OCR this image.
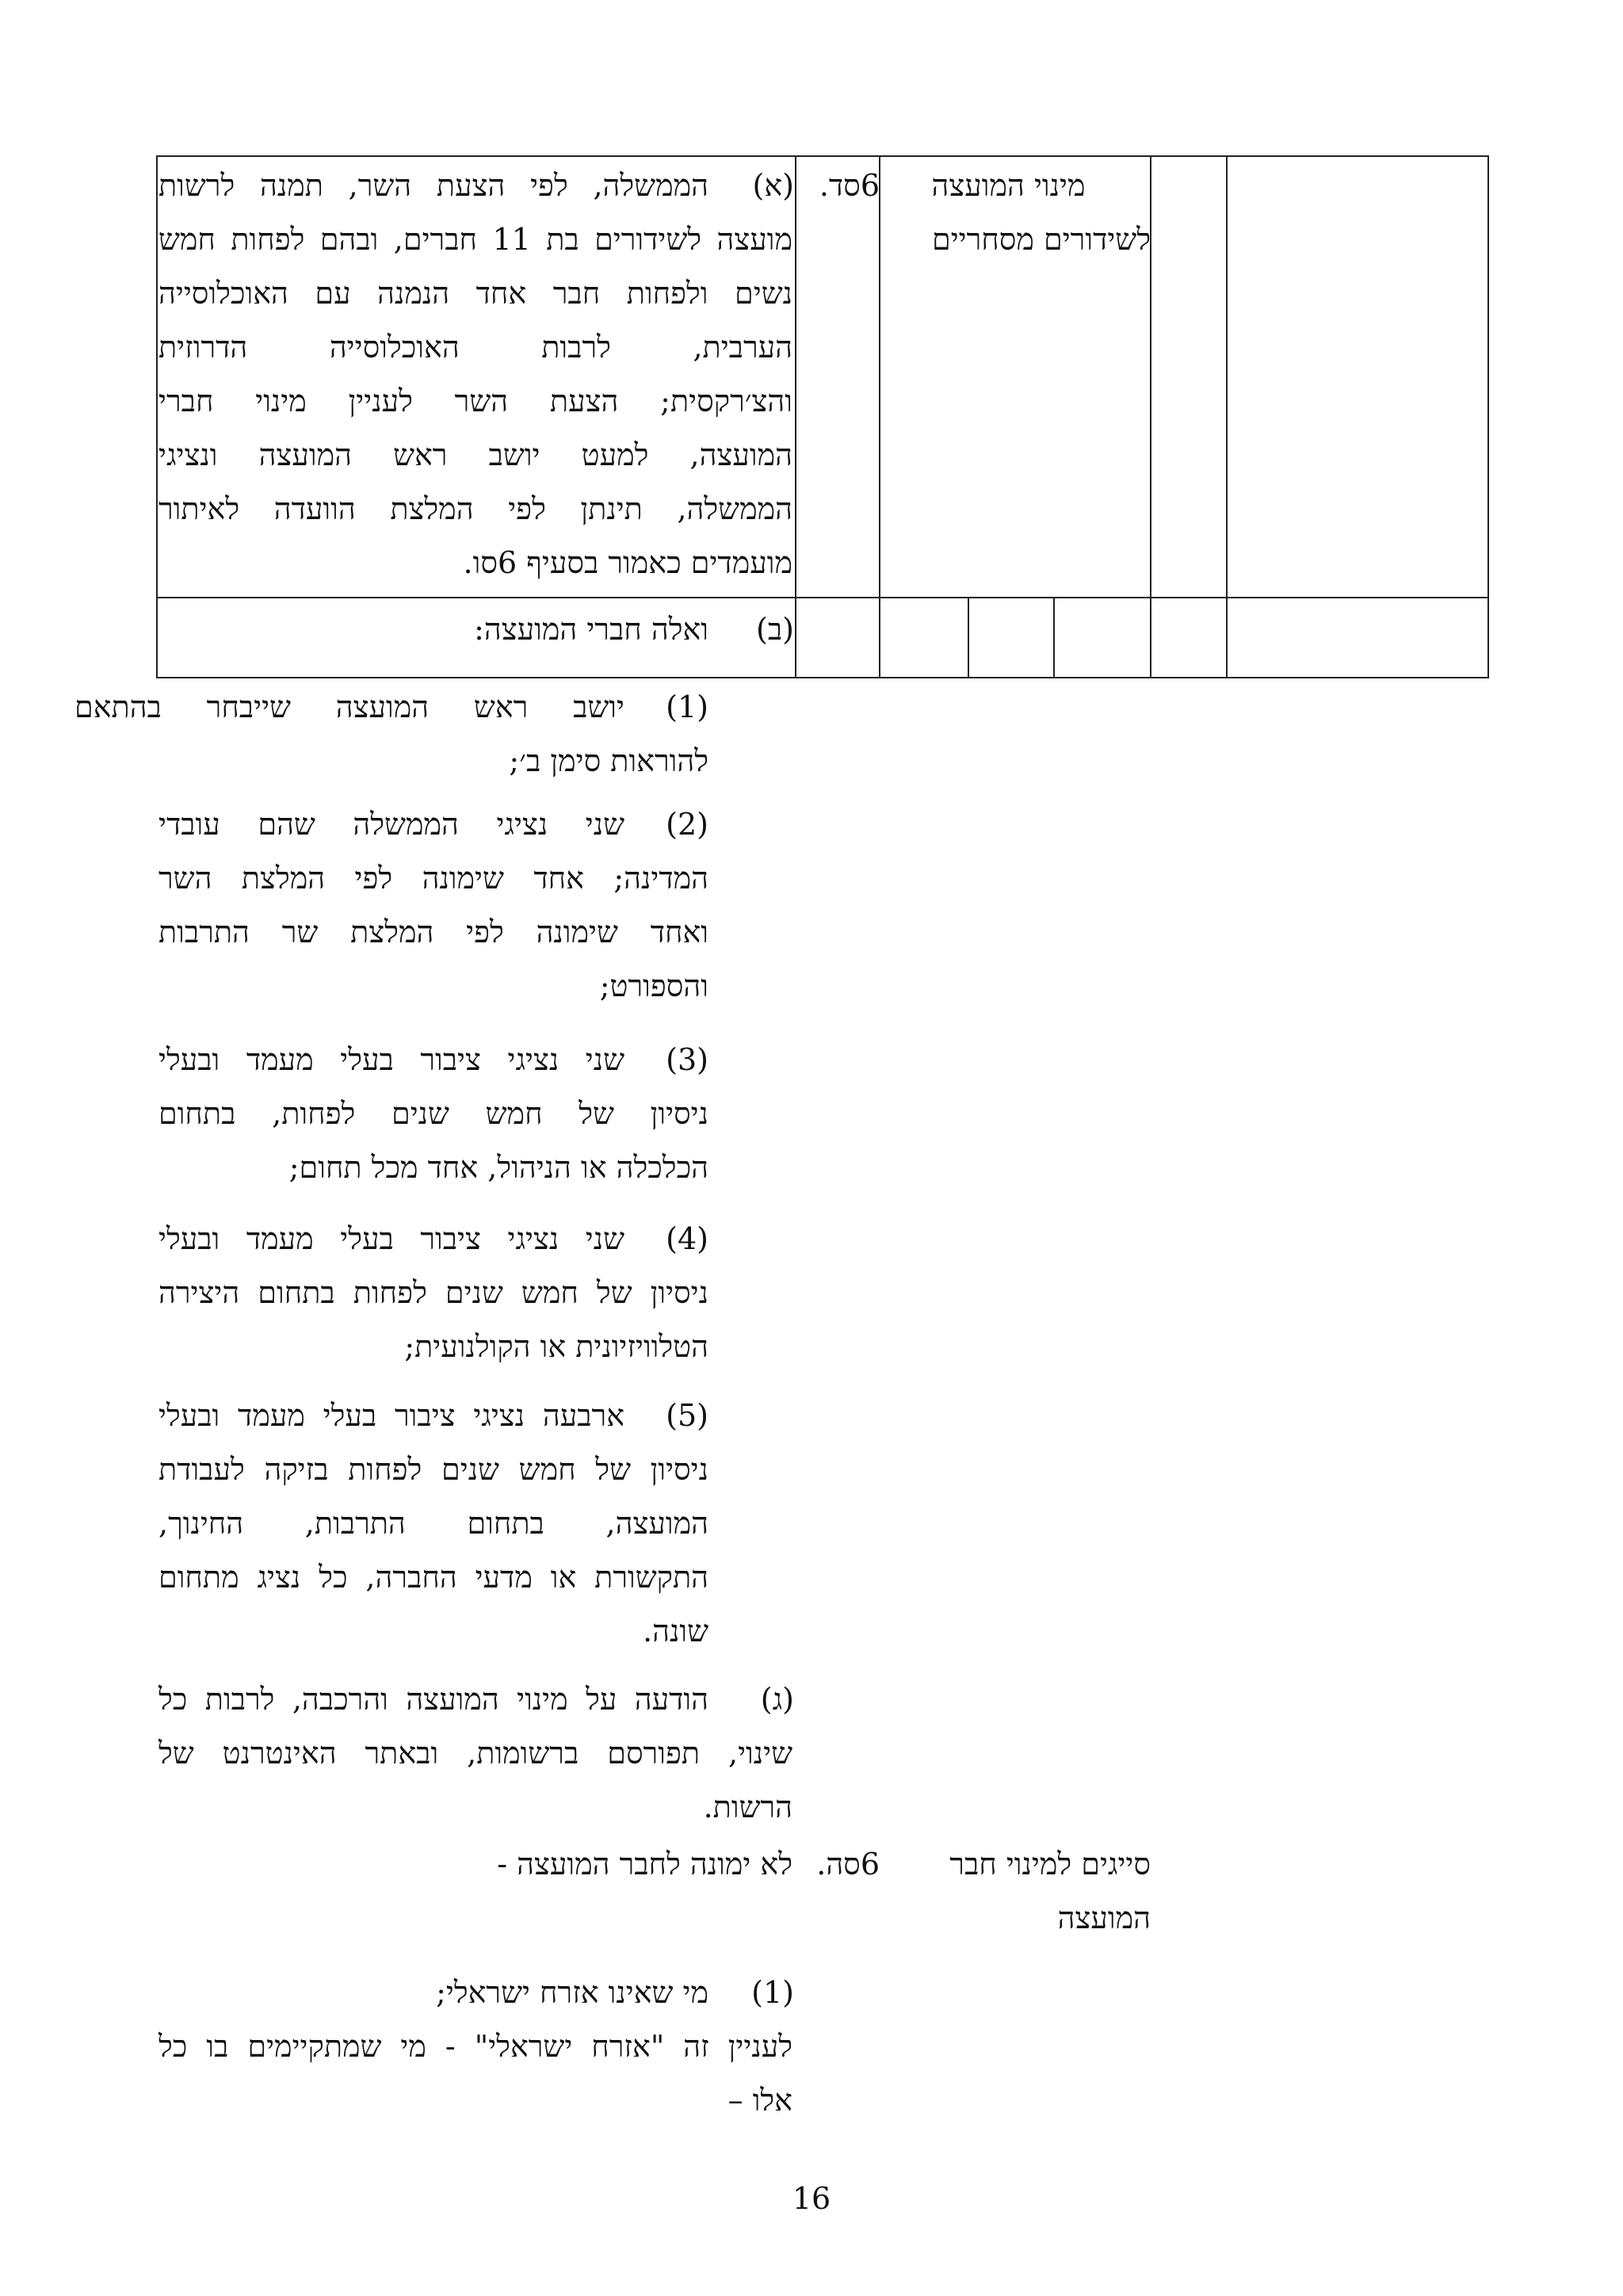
6סד.	מינוי המועצה
לשידורים מסחריים
(א)
הממשלה, לפי הצעת השר, תמנה לרשות
מועצה לשידורים בת 11 חברים, ובהם לפחות חמש
נשים ולפחות חבר אחד הנמנה עם האוכלוסייה
הערבית, לרבות האוכלוסייה הדרוזית
והצ׳רקסית; הצעת השר לעניין מינוי חברי
המועצה, למעט יושב ראש המועצה ונציגי
הממשלה, תינתן לפי המלצת הוועדה לאיתור
מועמדים כאמור בסעיף 6סו.
(ב)
ואלה חברי המועצה:
(1)
יושב ראש המועצה שייבחר בהתאם
להוראות סימן ב׳;
(2)
שני נציגי הממשלה שהם עובדי
המדינה; אחד שימונה לפי המלצת השר
ואחד שימונה לפי המלצת שר התרבות
והספורט;
(3)
שני נציגי ציבור בעלי מעמד ובעלי
ניסיון של חמש שנים לפחות, בתחום
הכלכלה או הניהול, אחד מכל תחום;
(4)
שני נציגי ציבור בעלי מעמד ובעלי
ניסיון של חמש שנים לפחות בתחום היצירה
הטלוויזיונית או הקולנועית;
(5)
ארבעה נציגי ציבור בעלי מעמד ובעלי
ניסיון של חמש שנים לפחות בזיקה לעבודת
המועצה, בתחום התרבות, החינוך,
התקשורת או מדעי החברה, כל נציג מתחום
שונה.
(ג)
הודעה על מינוי המועצה והרכבה, לרבות כל
שינוי, תפורסם ברשומות, ובאתר האינטרנט של
הרשות.
6סה.	סייגים למינוי חבר
המועצה
לא ימונה לחבר המועצה -
(1)
מי שאינו אזרח ישראלי;
לעניין זה "אזרח ישראלי" - מי שמתקיימים בו כל
אלו –
16
